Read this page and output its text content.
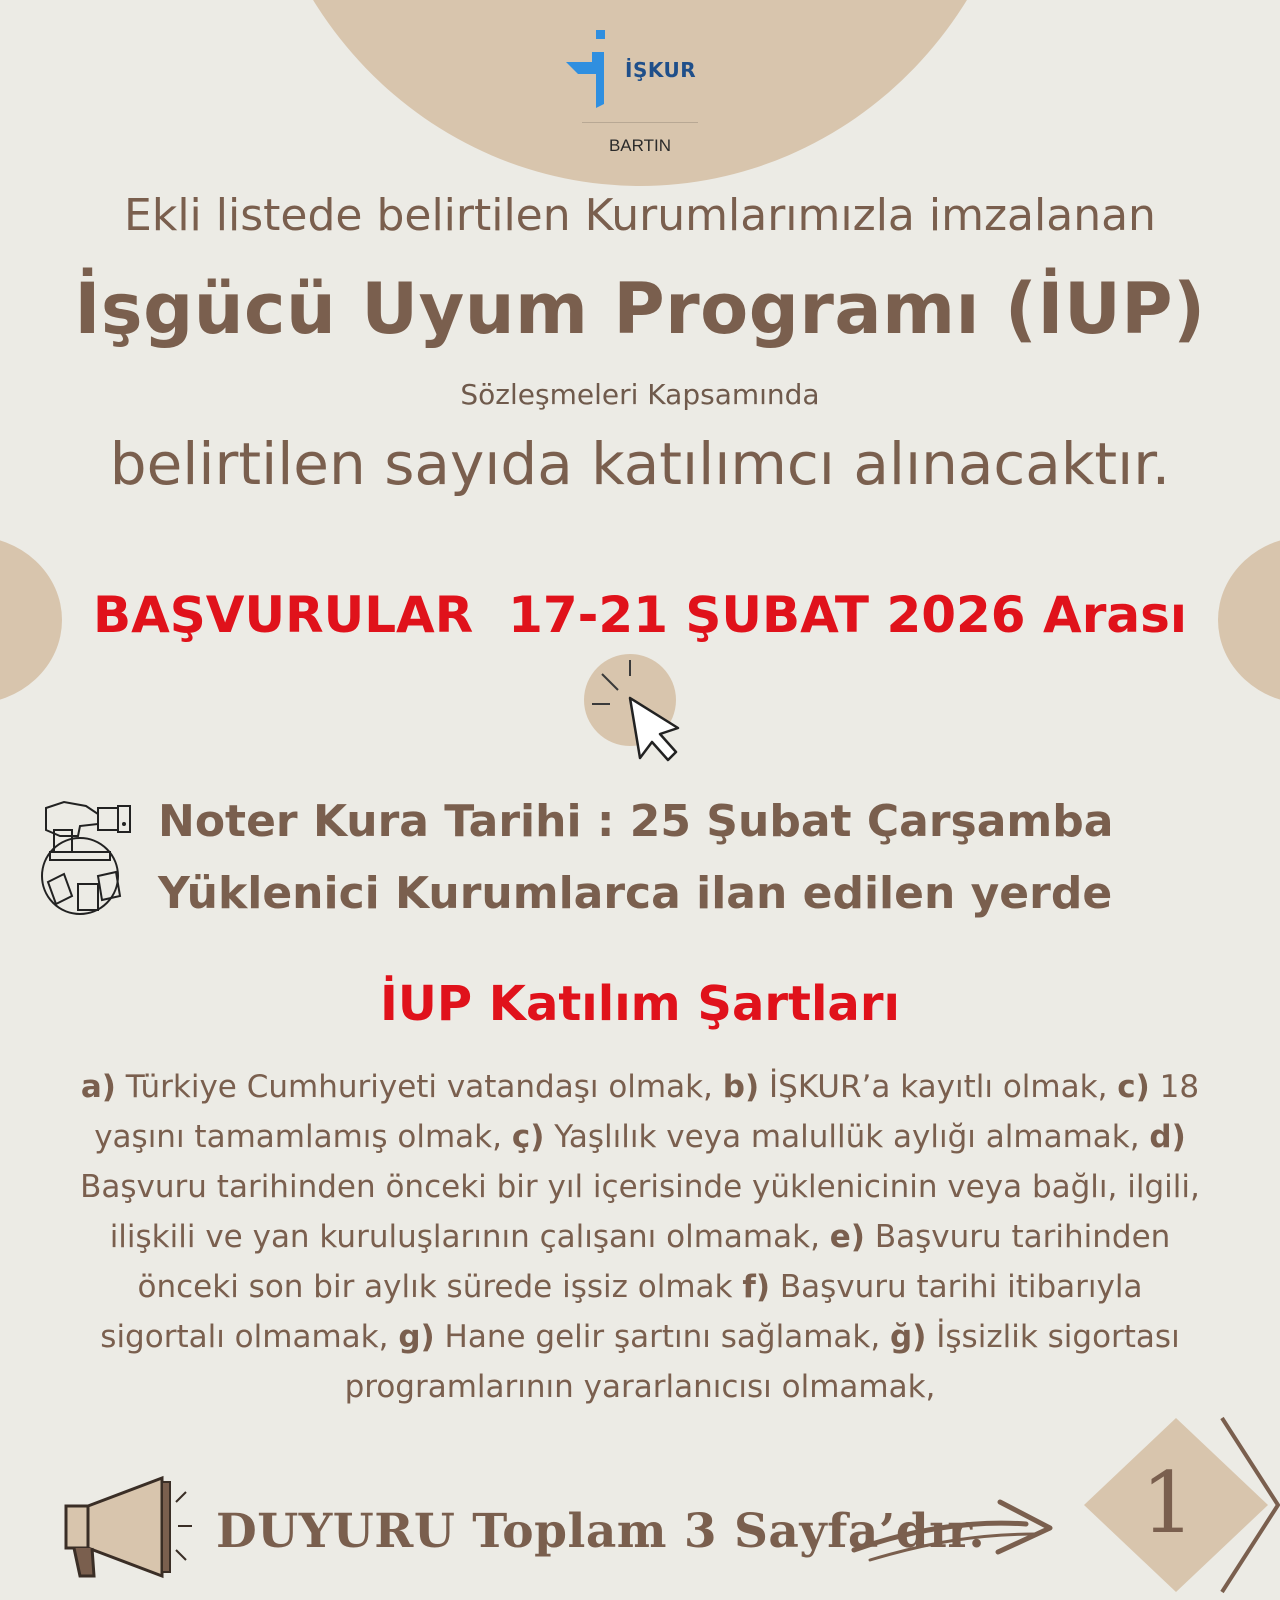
İŞKUR
BARTIN
Ekli listede belirtilen Kurumlarımızla imzalanan
İşgücü Uyum Programı (İUP)
Sözleşmeleri Kapsamında
belirtilen sayıda katılımcı alınacaktır.
BAŞVURULAR  17-21 ŞUBAT 2026 Arası
Noter Kura Tarihi : 25 Şubat Çarşamba
Yüklenici Kurumlarca ilan edilen yerde
İUP Katılım Şartları
a) Türkiye Cumhuriyeti vatandaşı olmak, b) İŞKUR’a kayıtlı olmak, c) 18 yaşını tamamlamış olmak, ç) Yaşlılık veya malullük aylığı almamak, d) Başvuru tarihinden önceki bir yıl içerisinde yüklenicinin veya bağlı, ilgili, ilişkili ve yan kuruluşlarının çalışanı olmamak, e) Başvuru tarihinden önceki son bir aylık sürede işsiz olmak f) Başvuru tarihi itibarıyla sigortalı olmamak, g) Hane gelir şartını sağlamak, ğ) İşsizlik sigortası programlarının yararlanıcısı olmamak,
DUYURU Toplam 3 Sayfa’dır.	1
